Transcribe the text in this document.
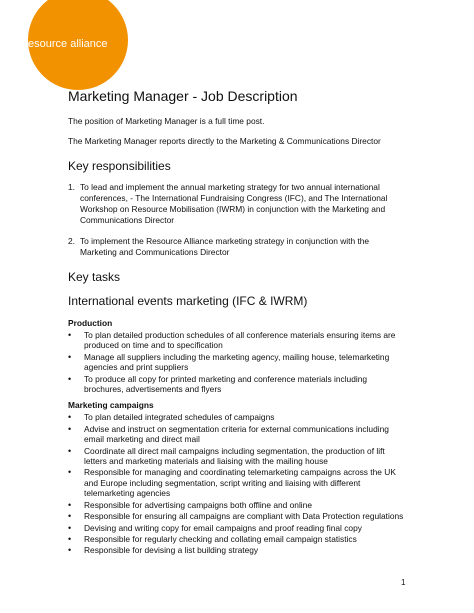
the resource alliance
Marketing Manager - Job Description

The position of Marketing Manager is a full time post.

The Marketing Manager reports directly to the Marketing & Communications Director

Key responsibilities
1. To lead and implement the annual marketing strategy for two annual international conferences, - The International Fundraising Congress (IFC), and The International Workshop on Resource Mobilisation (IWRM) in conjunction with the Marketing and Communications Director
2. To implement the Resource Alliance marketing strategy in conjunction with the Marketing and Communications Director
Key tasks
International events marketing (IFC & IWRM)
Production
•	To plan detailed production schedules of all conference materials ensuring items are produced on time and to specification
•	Manage all suppliers including the marketing agency, mailing house, telemarketing agencies and print suppliers
•	To produce all copy for printed marketing and conference materials including brochures, advertisements and flyers
Marketing campaigns
•	To plan detailed integrated schedules of campaigns
•	Advise and instruct on segmentation criteria for external communications including email marketing and direct mail
•	Coordinate all direct mail campaigns including segmentation, the production of lift letters and marketing materials and liaising with the mailing house
•	Responsible for managing and coordinating telemarketing campaigns across the UK and Europe including segmentation, script writing and liaising with different telemarketing agencies
•	Responsible for advertising campaigns both offline and online
•	Responsible for ensuring all campaigns are compliant with Data Protection regulations
•	Devising and writing copy for email campaigns and proof reading final copy
•	Responsible for regularly checking and collating email campaign statistics
•	Responsible for devising a list building strategy
1
